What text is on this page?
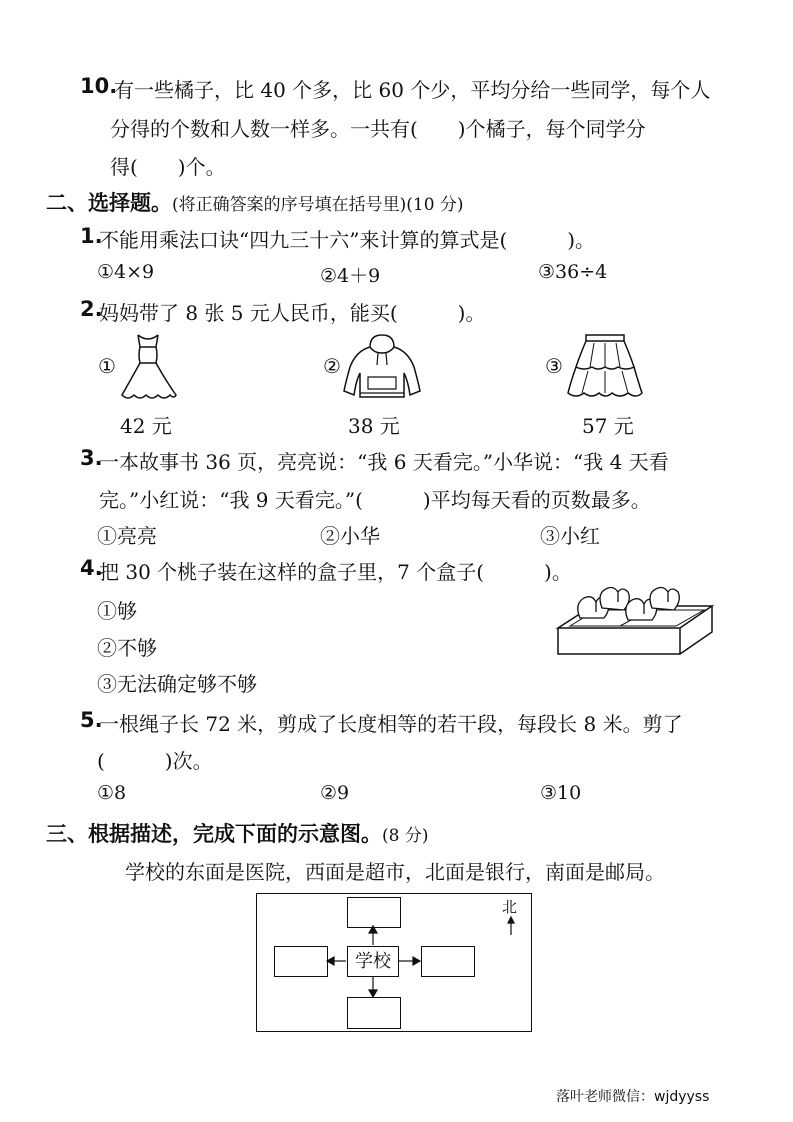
10.
有一些橘子，比 40 个多，比 60 个少，平均分给一些同学，每个人
分得的个数和人数一样多。一共有(　　)个橘子，每个同学分
得(　　)个。
二、选择题。(将正确答案的序号填在括号里)(10 分)
1.
不能用乘法口诀“四九三十六”来计算的算式是(　　　)。
①4×9	②4＋9	③36÷4
2.
妈妈带了 8 张 5 元人民币，能买(　　　)。
①
42 元
②
38 元
③
57 元
3.
一本故事书 36 页，亮亮说：“我 6 天看完。”小华说：“我 4 天看
完。”小红说：“我 9 天看完。”(　　　)平均每天看的页数最多。
①亮亮	②小华	③小红
4.
把 30 个桃子装在这样的盒子里，7 个盒子(　　　)。
①够
②不够
③无法确定够不够
5.
一根绳子长 72 米，剪成了长度相等的若干段，每段长 8 米。剪了
(　　　)次。
①8	②9	③10
三、根据描述，完成下面的示意图。(8 分)
学校的东面是医院，西面是超市，北面是银行，南面是邮局。
学校
北
落叶老师微信：wjdyyss
